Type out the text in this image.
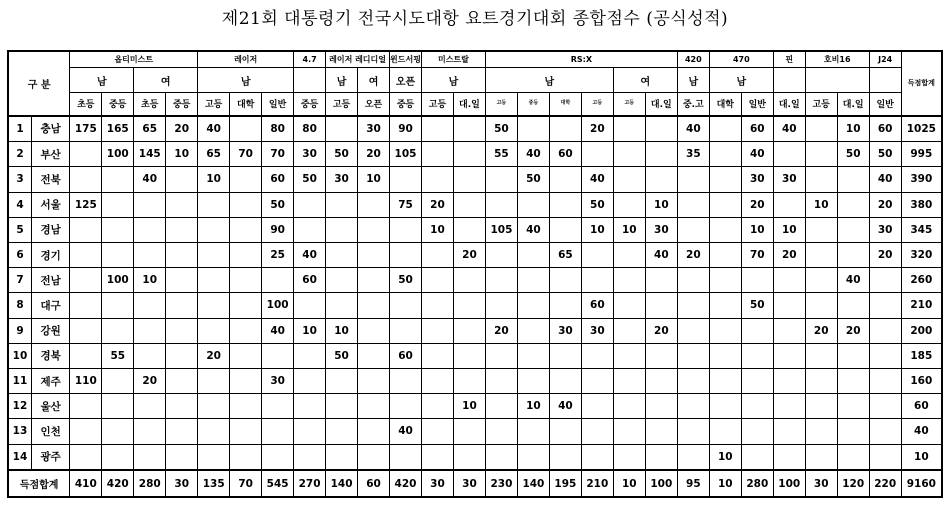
제21회 대통령기 전국시도대항 요트경기대회 종합점수 (공식성적)
구 분		옵티미스트				레이저			4.7	레이저 레디디얼		윈드서핑	미스트랄		RS:X						420	470		핀	호비16		J24	득점합계
		남		여		남				남	여	오픈	남		남				여		남	남						
		초등	중등	초등	중등	고등	대학	일반	중등	고등	오픈	중등	고등	대.일	고등	중등	대학	고등	고등	대.일	중.고	대학	일반	대.일	고등	대.일	일반	
1	충남	175	165	65	20	40		80	80		30	90			50			20			40		60	40		10	60	1025
2	부산		100	145	10	65	70	70	30	50	20	105			55	40	60				35		40			50	50	995
3	전북			40		10		60	50	30	10					50		40					30	30			40	390
4	서울	125						50				75	20					50		10			20		10		20	380
5	경남							90					10		105	40		10	10	30			10	10			30	345
6	경기							25	40					20			65			40	20		70	20			20	320
7	전남		100	10					60			50														40		260
8	대구							100										60					50					210
9	강원							40	10	10					20		30	30		20					20	20		200
10	경북		55			20				50		60																185
11	제주	110		20				30																				160
12	울산													10		10	40											60
13	인천											40																40
14	광주																					10						10
득점합계		410	420	280	30	135	70	545	270	140	60	420	30	30	230	140	195	210	10	100	95	10	280	100	30	120	220	9160
